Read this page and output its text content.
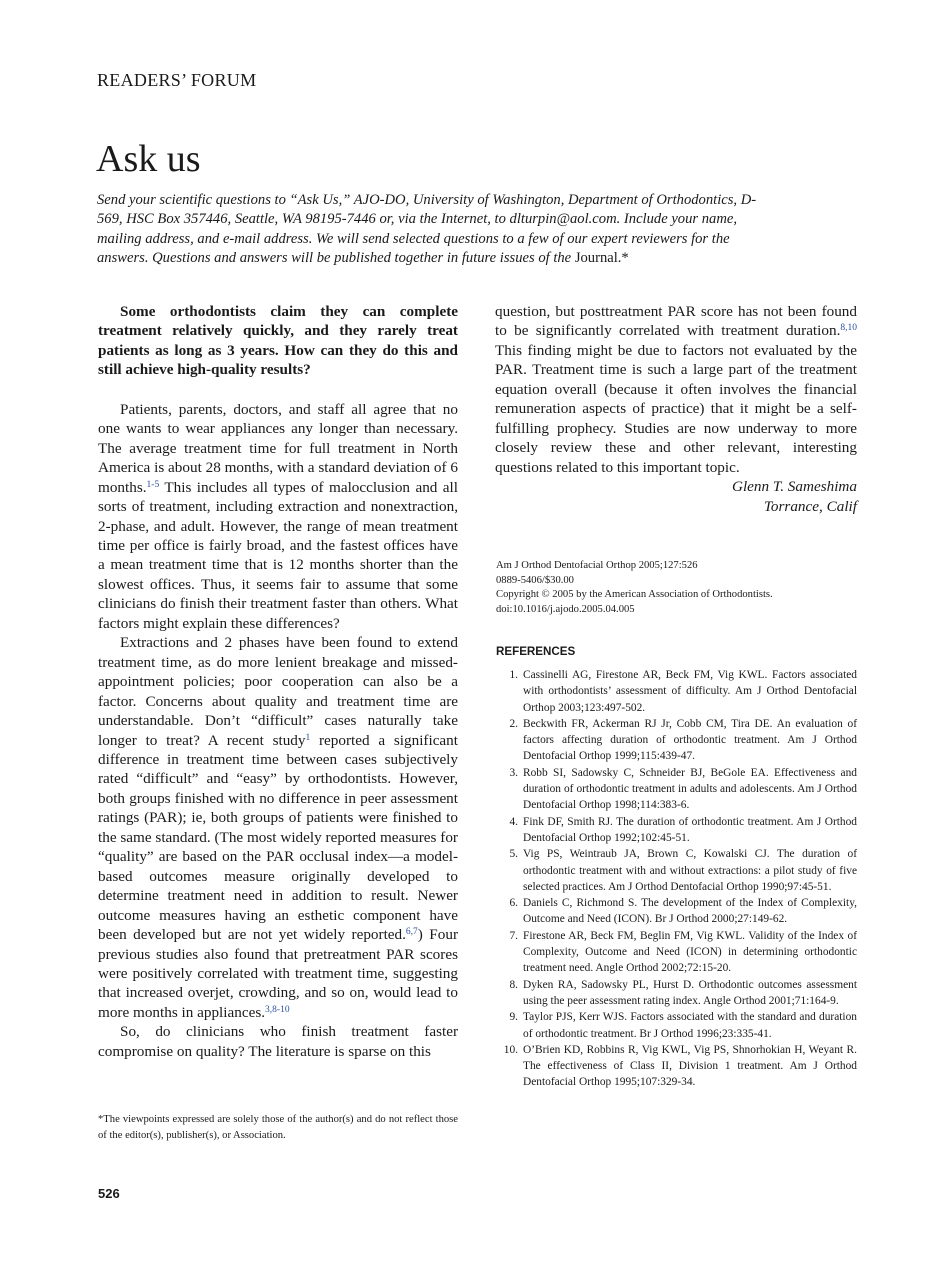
READERS’ FORUM
Ask us
Send your scientific questions to “Ask Us,” AJO-DO, University of Washington, Department of Orthodontics, D-569, HSC Box 357446, Seattle, WA 98195-7446 or, via the Internet, to dlturpin@aol.com. Include your name, mailing address, and e-mail address. We will send selected questions to a few of our expert reviewers for the answers. Questions and answers will be published together in future issues of the Journal.*

Some orthodontists claim they can complete treatment relatively quickly, and they rarely treat patients as long as 3 years. How can they do this and still achieve high-quality results?

Patients, parents, doctors, and staff all agree that no one wants to wear appliances any longer than necessary. The average treatment time for full treatment in North America is about 28 months, with a standard deviation of 6 months.$^{1-5}$ This includes all types of malocclusion and all sorts of treatment, including extraction and nonextraction, 2-phase, and adult. However, the range of mean treatment time per office is fairly broad, and the fastest offices have a mean treatment time that is 12 months shorter than the slowest offices. Thus, it seems fair to assume that some clinicians do finish their treatment faster than others. What factors might explain these differences?

Extractions and 2 phases have been found to extend treatment time, as do more lenient breakage and missed-appointment policies; poor cooperation can also be a factor. Concerns about quality and treatment time are understandable. Don’t “difficult” cases naturally take longer to treat? A recent study$^1$ reported a significant difference in treatment time between cases subjectively rated “difficult” and “easy” by orthodontists. However, both groups finished with no difference in peer assessment ratings (PAR); ie, both groups of patients were finished to the same standard. (The most widely reported measures for “quality” are based on the PAR occlusal index—a model-based outcomes measure originally developed to determine treatment need in addition to result. Newer outcome measures having an esthetic component have been developed but are not yet widely reported.$^{6,7}$) Four previous studies also found that pretreatment PAR scores were positively correlated with treatment time, suggesting that increased overjet, crowding, and so on, would lead to more months in appliances.$^{3,8-10}$

So, do clinicians who finish treatment faster compromise on quality? The literature is sparse on this

*The viewpoints expressed are solely those of the author(s) and do not reflect those of the editor(s), publisher(s), or Association.

question, but posttreatment PAR score has not been found to be significantly correlated with treatment duration.$^{8,10}$ This finding might be due to factors not evaluated by the PAR. Treatment time is such a large part of the treatment equation overall (because it often involves the financial remuneration aspects of practice) that it might be a self-fulfilling prophecy. Studies are now underway to more closely review these and other relevant, interesting questions related to this important topic.

Glenn T. Sameshima

Torrance, Calif

Am J Orthod Dentofacial Orthop 2005;127:526
0889-5406/$30.00
Copyright © 2005 by the American Association of Orthodontists.
doi:10.1016/j.ajodo.2005.04.005
REFERENCES
1. Cassinelli AG, Firestone AR, Beck FM, Vig KWL. Factors associated with orthodontists’ assessment of difficulty. Am J Orthod Dentofacial Orthop 2003;123:497-502.
2. Beckwith FR, Ackerman RJ Jr, Cobb CM, Tira DE. An evaluation of factors affecting duration of orthodontic treatment. Am J Orthod Dentofacial Orthop 1999;115:439-47.
3. Robb SI, Sadowsky C, Schneider BJ, BeGole EA. Effectiveness and duration of orthodontic treatment in adults and adolescents. Am J Orthod Dentofacial Orthop 1998;114:383-6.
4. Fink DF, Smith RJ. The duration of orthodontic treatment. Am J Orthod Dentofacial Orthop 1992;102:45-51.
5. Vig PS, Weintraub JA, Brown C, Kowalski CJ. The duration of orthodontic treatment with and without extractions: a pilot study of five selected practices. Am J Orthod Dentofacial Orthop 1990;97:45-51.
6. Daniels C, Richmond S. The development of the Index of Complexity, Outcome and Need (ICON). Br J Orthod 2000;27:149-62.
7. Firestone AR, Beck FM, Beglin FM, Vig KWL. Validity of the Index of Complexity, Outcome and Need (ICON) in determining orthodontic treatment need. Angle Orthod 2002;72:15-20.
8. Dyken RA, Sadowsky PL, Hurst D. Orthodontic outcomes assessment using the peer assessment rating index. Angle Orthod 2001;71:164-9.
9. Taylor PJS, Kerr WJS. Factors associated with the standard and duration of orthodontic treatment. Br J Orthod 1996;23:335-41.
10. O’Brien KD, Robbins R, Vig KWL, Vig PS, Shnorhokian H, Weyant R. The effectiveness of Class II, Division 1 treatment. Am J Orthod Dentofacial Orthop 1995;107:329-34.
526
